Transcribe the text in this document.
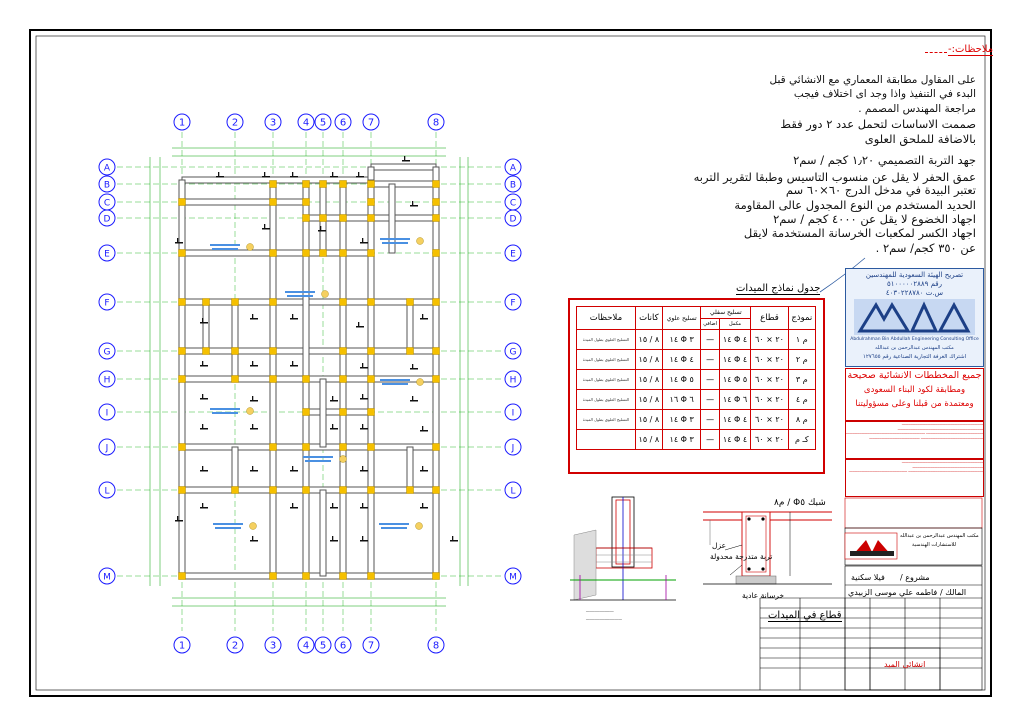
1
1
2
2
3
3
4
4
5
5
6
6
7
7
8
8
A	A
B	B
C	C
D	D
E	E
F	F
G	G
H	H
I	I
J	J
L	L
M	M
ـــــــــــــــــــــــــــ
ـــــــــــــــــــــــــــــــــــ
ملاحظات:-
على المقاول مطابقة المعماري مع الانشائي قبل
البدء في التنفيذ واذا وجد اى اختلاف فيجب
مراجعة المهندس المصمم .
صممت الاساسات لتحمل عدد ٢ دور فقط
بالاضافة للملحق العلوى
جهد التربة التصميمي ١٫٢٠ كجم / سم٢
عمق الحفر لا يقل عن منسوب التاسيس وطبقا لتقرير التربه
تعتبر البيدة في مدخل الدرج ٦٠×٦٠ سم
الحديد المستخدم من النوع المجدول عالى المقاومة
اجهاد الخضوع لا يقل عن ٤٠٠٠ كجم / سم٢
اجهاد الكسر لمكعبات الخرسانة المستخدمة لايقل
عن ٣٥٠ كجم/ سم٢ .
جدول نماذج الميدات
نموذج	قطاع	تسليح سفلي		تسليح علوي	كانات	ملاحظات
		مكمل	اضافي			
م ١	٢٠ × ٦٠	٤ Φ ١٤	—	٣ Φ ١٤	٨ / ١٥	التسليح العلوي بطول الميدة
م ٢	٢٠ × ٦٠	٤ Φ ١٤	—	٤ Φ ١٤	٨ / ١٥	التسليح العلوي بطول الميدة
م ٣	٢٠ × ٦٠	٥ Φ ١٤	—	٥ Φ ١٤	٨ / ١٥	التسليح العلوي بطول الميدة
م ٤	٢٠ × ٦٠	٦ Φ ١٤	—	٦ Φ ١٦	٨ / ١٥	التسليح العلوي بطول الميدة
م ٨	٢٠ × ٦٠	٤ Φ ١٤	—	٣ Φ ١٤	٨ / ١٥	التسليح العلوي بطول الميدة
كـ م	٢٠ × ٦٠	٤ Φ ١٤	—	٣ Φ ١٤	٨ / ١٥	
تصريح الهيئة السعودية للمهندسين
رقم ٥١٠٠٠٠٠٢٨٨٩
س.ت ٤٠٣٠٢٢٨٧٨٠
Abdulrahman Bin Abdullah Engineering Consulting Office
مكتب المهندس عبدالرحمن بن عبدالله
اشتراك الغرفة التجارية الصناعية رقم ١٢٧٦٥٥
جميع المخططات الانشائية صحيحة
ومطابقة لكود البناء السعودى
ومعتمدة من قبلنا وعلى مسؤوليتنا
ـــــــــــــــــــــــــــــــــــــــــــــــــــــــــــــــــــــــــــــ ـــــــــــــــــــــــــــــــــــــــــــــــــــــــــــــــــــــــــــــــــ ــــــــــــــــــــــــــــــــــــــــــــــــــــــ ـــــــــــــــــــــــــــــــــــــــــــــــــــــــــــــــــــــــــــ ـــــــــــــــــــــــــــــــــــــــــــــــــــــــــــ ــــــــــــــــــــــــــــــــــــــــــــــــ
ـــــــــــــــــــــــــــــــــــــــــــــــــــــــــــــــــــــــــــــ ـــــــــــــــــــــــــــــــــــــــــــــــــــــــــــــــــــ ـــــــــــــــــــــــــــــــــــــــــــــــــــــــــــــــــــــــ ـــــــــــــــــــــــــــــــــــــــــــــــــــــــ
شبك Φ٥ / م٨
عزل
تربة متدرجة محدولة
خرسانة عادية
قطاع في الميدات
مشروع /
فيلا سكنية
المالك /
فاطمه علي موسى الزبيدي
انشائى الميد
مكتب المهندس عبدالرحمن بن عبدالله
للاستشارات الهندسية
